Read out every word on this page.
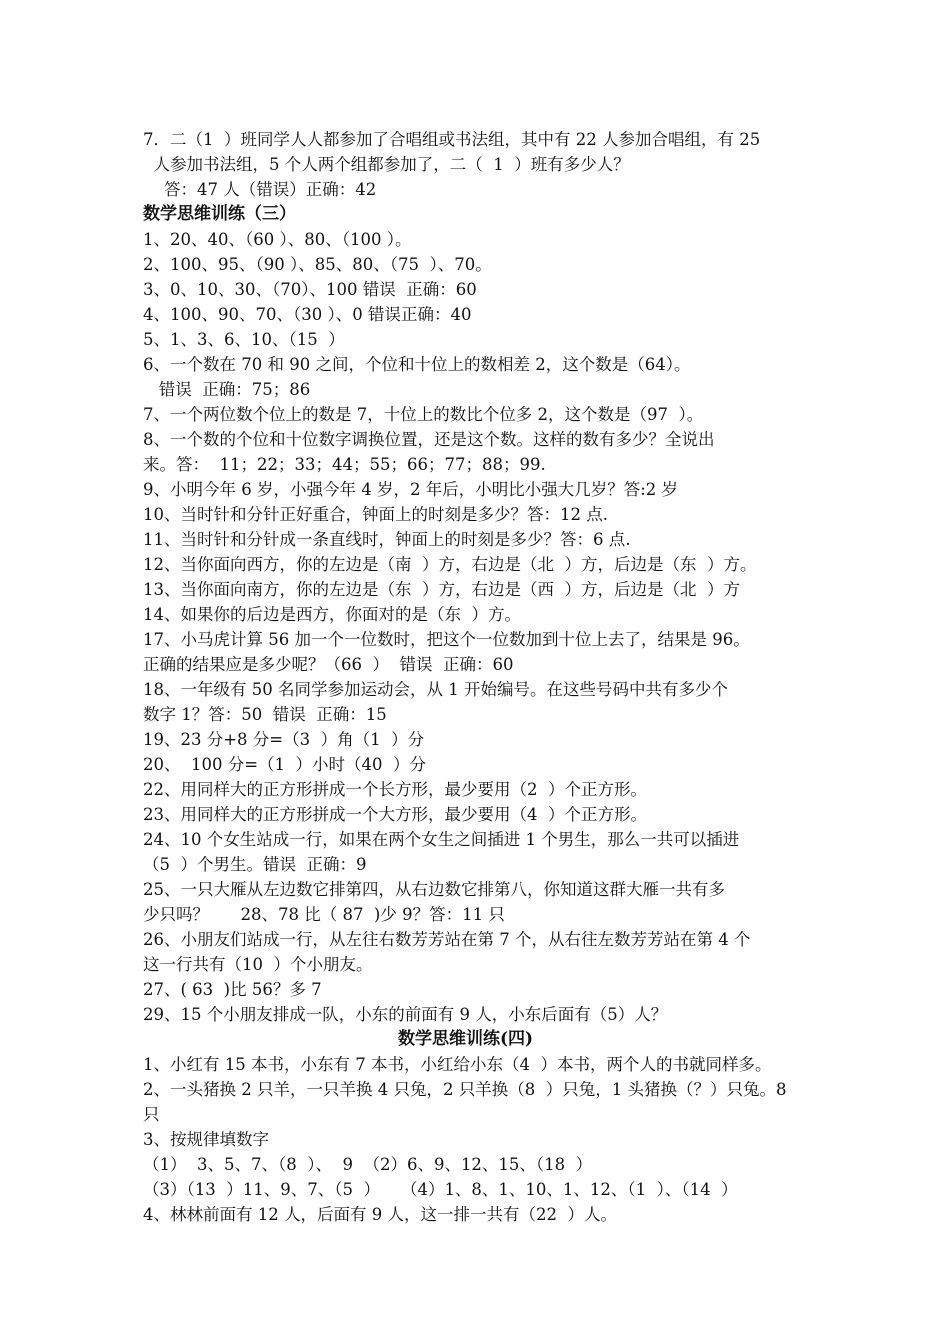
7．二（1  ）班同学人人都参加了合唱组或书法组，其中有 22 人参加合唱组，有 25
人参加书法组，5 个人两个组都参加了，二（  1  ）班有多少人？
答：47 人（错误）正确：42
数学思维训练（三）
1、20、40、（60 ）、80、（100 ）。
2、100、95、（90 ）、85、80、（75  ）、70。
3、0、10、30、（70）、100 错误  正确：60
4、100、90、70、（30 ）、0 错误正确：40
5、1、3、6、10、（15  ）
6、一个数在 70 和 90 之间，个位和十位上的数相差 2，这个数是（64）。
错误  正确：75；86
7、一个两位数个位上的数是 7，十位上的数比个位多 2，这个数是（97  ）。
8、一个数的个位和十位数字调换位置，还是这个数。这样的数有多少？全说出
来。答：  11；22；33；44；55；66；77；88；99.
9、小明今年 6 岁，小强今年 4 岁，2 年后，小明比小强大几岁？答:2 岁
10、当时针和分针正好重合，钟面上的时刻是多少？答：12 点.
11、当时针和分针成一条直线时，钟面上的时刻是多少？答：6 点.
12、当你面向西方，你的左边是（南  ）方，右边是（北  ）方，后边是（东  ）方。
13、当你面向南方，你的左边是（东  ）方，右边是（西  ）方，后边是（北  ）方
14、如果你的后边是西方，你面对的是（东  ）方。
17、小马虎计算 56 加一个一位数时，把这个一位数加到十位上去了，结果是 96。
正确的结果应是多少呢？（66  ）  错误  正确：60
18、一年级有 50 名同学参加运动会，从 1 开始编号。在这些号码中共有多少个
数字 1？答：50  错误  正确：15
19、23 分+8 分=（3  ）角（1  ）分
20、  100 分=（1  ）小时（40  ）分
22、用同样大的正方形拼成一个长方形，最少要用（2  ）个正方形。
23、用同样大的正方形拼成一个大方形，最少要用（4  ）个正方形。
24、10 个女生站成一行，如果在两个女生之间插进 1 个男生，那么一共可以插进
（5  ）个男生。错误  正确：9
25、一只大雁从左边数它排第四，从右边数它排第八，你知道这群大雁一共有多
少只吗？      28、78 比（ 87  )少 9？答：11 只
26、小朋友们站成一行，从左往右数芳芳站在第 7 个，从右往左数芳芳站在第 4 个
这一行共有（10  ）个小朋友。
27、( 63  )比 56？多 7
29、15 个小朋友排成一队，小东的前面有 9 人，小东后面有（5）人？
数学思维训练(四)
1、小红有 15 本书，小东有 7 本书，小红给小东（4  ）本书，两个人的书就同样多。
2、一头猪换 2 只羊，一只羊换 4 只兔，2 只羊换（8  ）只兔，1 头猪换（？）只兔。8
只
3、按规律填数字
（1）  3、5、7、（8  ）、  9  （2）6、9、12、15、（18  ）
（3）（13  ）11、9、7、（5  ）    （4）1、8、1、10、1、12、（1  ）、（14  ）
4、林林前面有 12 人，后面有 9 人，这一排一共有（22  ）人。
